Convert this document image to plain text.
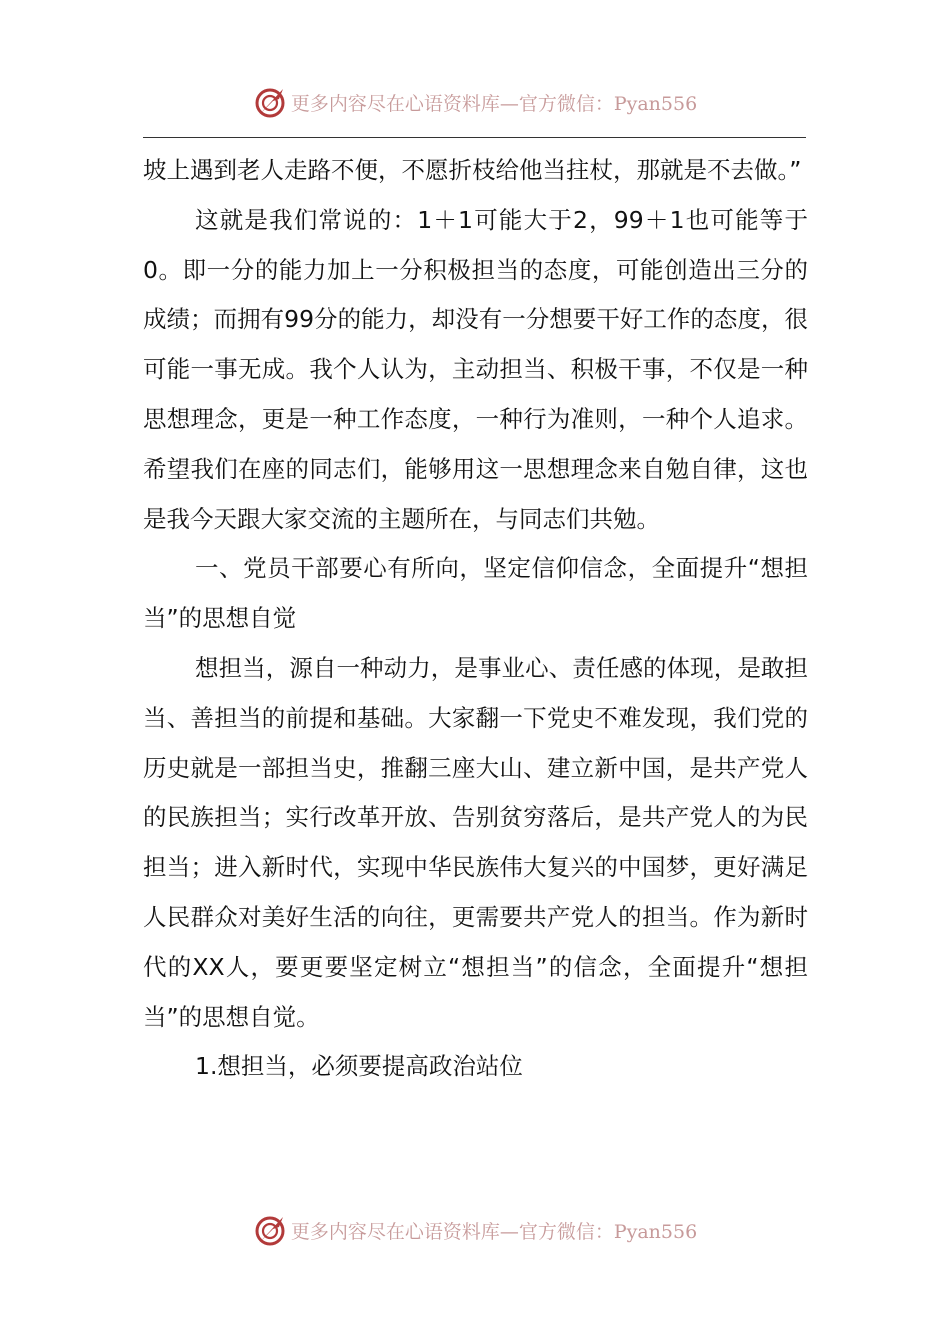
更多内容尽在心语资料库—官方微信：Pyan556

坡上遇到老人走路不便，不愿折枝给他当拄杖，那就是不去做。”

这就是我们常说的：1＋1可能大于2，99＋1也可能等于0。即一分的能力加上一分积极担当的态度，可能创造出三分的成绩；而拥有99分的能力，却没有一分想要干好工作的态度，很可能一事无成。我个人认为，主动担当、积极干事，不仅是一种思想理念，更是一种工作态度，一种行为准则，一种个人追求。希望我们在座的同志们，能够用这一思想理念来自勉自律，这也是我今天跟大家交流的主题所在，与同志们共勉。

一、党员干部要心有所向，坚定信仰信念，全面提升“想担当”的思想自觉

想担当，源自一种动力，是事业心、责任感的体现，是敢担当、善担当的前提和基础。大家翻一下党史不难发现，我们党的历史就是一部担当史，推翻三座大山、建立新中国，是共产党人的民族担当；实行改革开放、告别贫穷落后，是共产党人的为民担当；进入新时代，实现中华民族伟大复兴的中国梦，更好满足人民群众对美好生活的向往，更需要共产党人的担当。作为新时代的XX人，要更要坚定树立“想担当”的信念，全面提升“想担当”的思想自觉。

1.想担当，必须要提高政治站位

更多内容尽在心语资料库—官方微信：Pyan556
